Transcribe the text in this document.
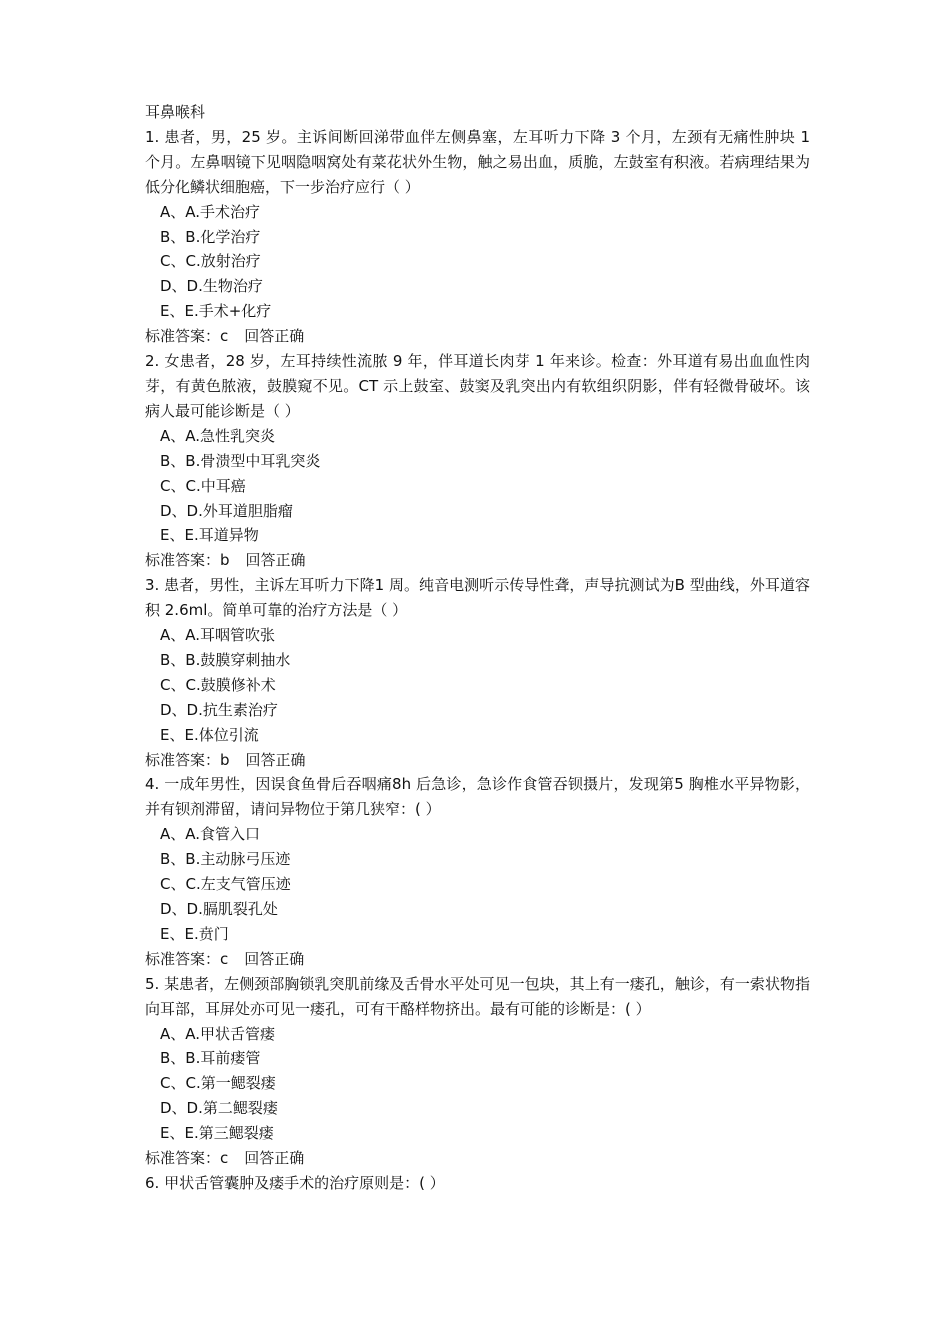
耳鼻喉科
1. 患者，男，25 岁。主诉间断回涕带血伴左侧鼻塞，左耳听力下降 3 个月，左颈有无痛性肿块 1 个月。左鼻咽镜下见咽隐咽窝处有菜花状外生物，触之易出血，质脆，左鼓室有积液。若病理结果为低分化鳞状细胞癌，下一步治疗应行（ ）
A、A.手术治疗
B、B.化学治疗
C、C.放射治疗
D、D.生物治疗
E、E.手术+化疗
标准答案：c 回答正确
2. 女患者，28 岁，左耳持续性流脓 9 年，伴耳道长肉芽 1 年来诊。检查：外耳道有易出血血性肉芽，有黄色脓液，鼓膜窥不见。CT 示上鼓室、鼓窦及乳突出内有软组织阴影，伴有轻微骨破坏。该病人最可能诊断是（ ）
A、A.急性乳突炎
B、B.骨溃型中耳乳突炎
C、C.中耳癌
D、D.外耳道胆脂瘤
E、E.耳道异物
标准答案：b 回答正确
3. 患者，男性，主诉左耳听力下降1 周。纯音电测听示传导性聋，声导抗测试为B 型曲线，外耳道容积 2.6ml。简单可靠的治疗方法是（ ）
A、A.耳咽管吹张
B、B.鼓膜穿刺抽水
C、C.鼓膜修补术
D、D.抗生素治疗
E、E.体位引流
标准答案：b 回答正确
4. 一成年男性，因误食鱼骨后吞咽痛8h 后急诊，急诊作食管吞钡摄片，发现第5 胸椎水平异物影，并有钡剂滞留，请问异物位于第几狭窄：( ）
A、A.食管入口
B、B.主动脉弓压迹
C、C.左支气管压迹
D、D.膈肌裂孔处
E、E.贲门
标准答案：c 回答正确
5. 某患者，左侧颈部胸锁乳突肌前缘及舌骨水平处可见一包块，其上有一瘘孔，触诊，有一索状物指向耳部，耳屏处亦可见一瘘孔，可有干酪样物挤出。最有可能的诊断是：( ）
A、A.甲状舌管瘘
B、B.耳前瘘管
C、C.第一鳃裂瘘
D、D.第二鳃裂瘘
E、E.第三鳃裂瘘
标准答案：c 回答正确
6. 甲状舌管囊肿及瘘手术的治疗原则是：( ）
